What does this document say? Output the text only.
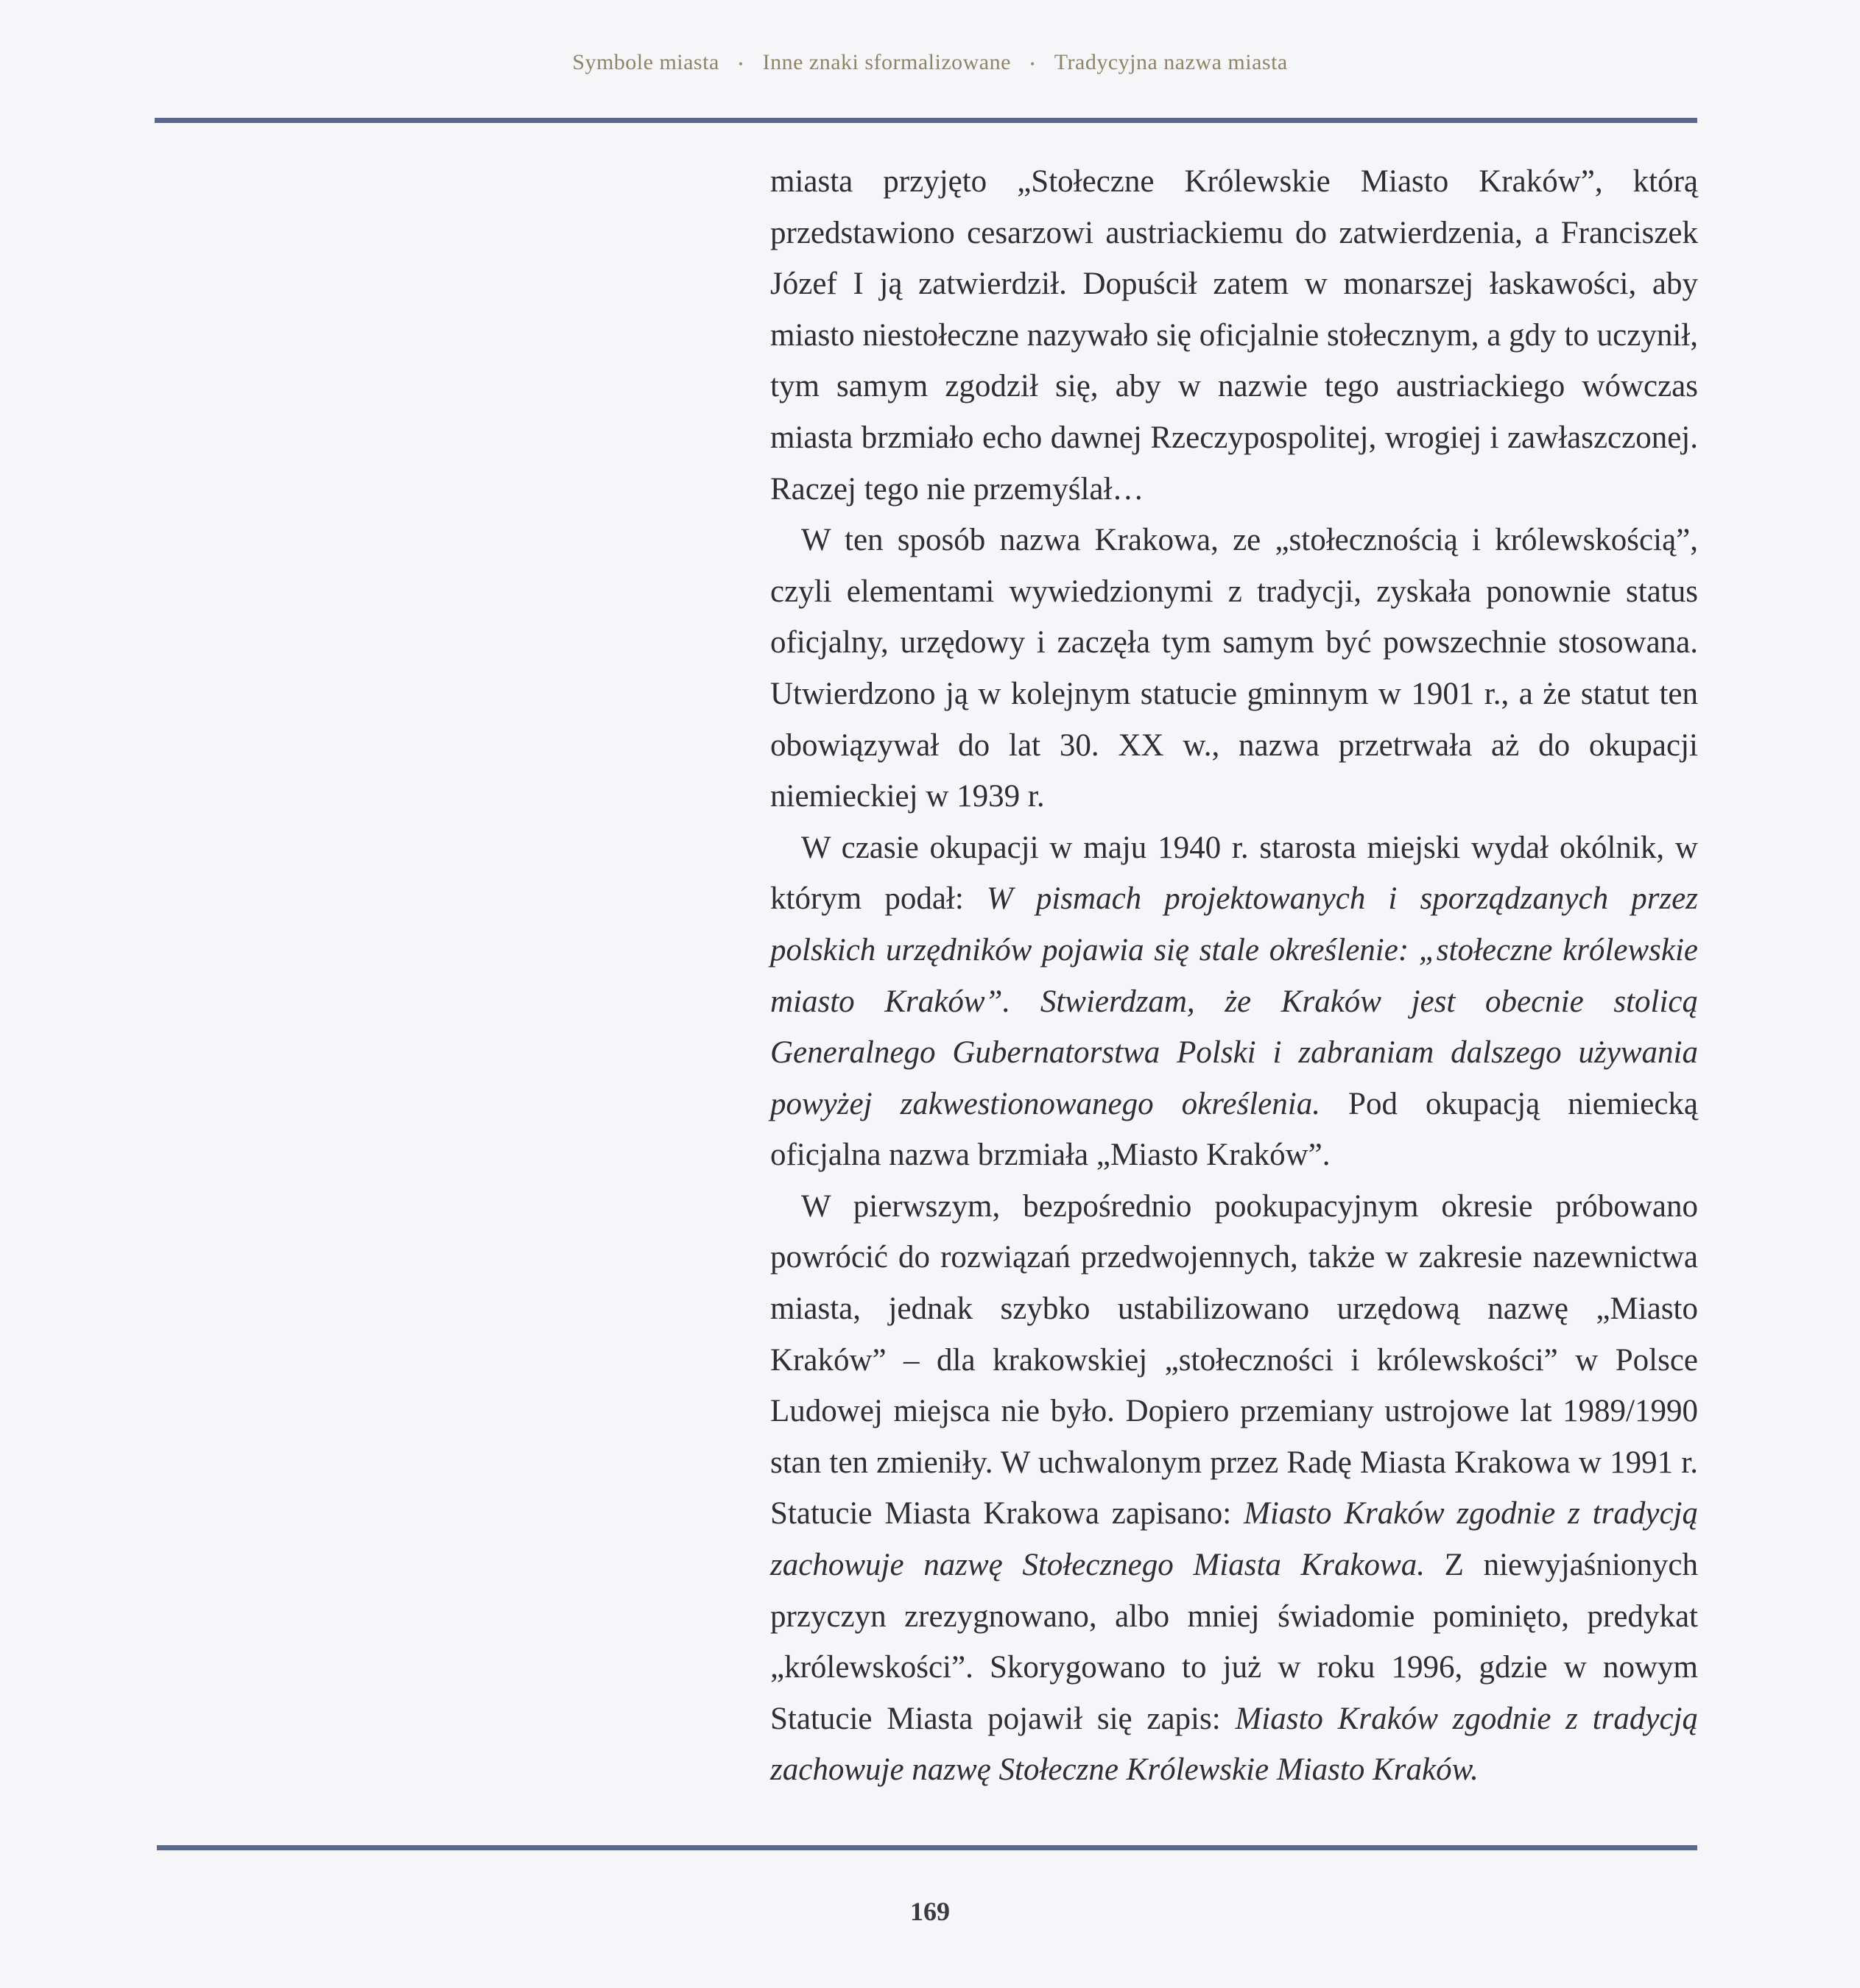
Symbole miasta • Inne znaki sformalizowane • Tradycyjna nazwa miasta

miasta przyjęto „Stołeczne Królewskie Miasto Kraków”, którą przedstawiono cesarzowi austriackiemu do zatwierdzenia, a Franciszek Józef I ją zatwierdził. Dopuścił zatem w monarszej łaskawości, aby miasto niestołeczne nazywało się oficjalnie stołecznym, a gdy to uczynił, tym samym zgodził się, aby w nazwie tego austriackiego wówczas miasta brzmiało echo dawnej Rzeczypospolitej, wrogiej i zawłaszczonej. Raczej tego nie przemyślał…

W ten sposób nazwa Krakowa, ze „stołecznością i królewskością”, czyli elementami wywiedzionymi z tradycji, zyskała ponownie status oficjalny, urzędowy i zaczęła tym samym być powszechnie stosowana. Utwierdzono ją w kolejnym statucie gminnym w 1901 r., a że statut ten obowiązywał do lat 30. XX w., nazwa przetrwała aż do okupacji niemieckiej w 1939 r.

W czasie okupacji w maju 1940 r. starosta miejski wydał okólnik, w którym podał: W pismach projektowanych i sporządzanych przez polskich urzędników pojawia się stale określenie: „stołeczne królewskie miasto Kraków”. Stwierdzam, że Kraków jest obecnie stolicą Generalnego Gubernatorstwa Polski i zabraniam dalszego używania powyżej zakwestionowanego określenia. Pod okupacją niemiecką oficjalna nazwa brzmiała „Miasto Kraków”.

W pierwszym, bezpośrednio pookupacyjnym okresie próbowano powrócić do rozwiązań przedwojennych, także w zakresie nazewnictwa miasta, jednak szybko ustabilizowano urzędową nazwę „Miasto Kraków” – dla krakowskiej „stołeczności i królewskości” w Polsce Ludowej miejsca nie było. Dopiero przemiany ustrojowe lat 1989/1990 stan ten zmieniły. W uchwalonym przez Radę Miasta Krakowa w 1991 r. Statucie Miasta Krakowa zapisano: Miasto Kraków zgodnie z tradycją zachowuje nazwę Stołecznego Miasta Krakowa. Z niewyjaśnionych przyczyn zrezygnowano, albo mniej świadomie pominięto, predykat „królewskości”. Skorygowano to już w roku 1996, gdzie w nowym Statucie Miasta pojawił się zapis: Miasto Kraków zgodnie z tradycją zachowuje nazwę Stołeczne Królewskie Miasto Kraków.

169
